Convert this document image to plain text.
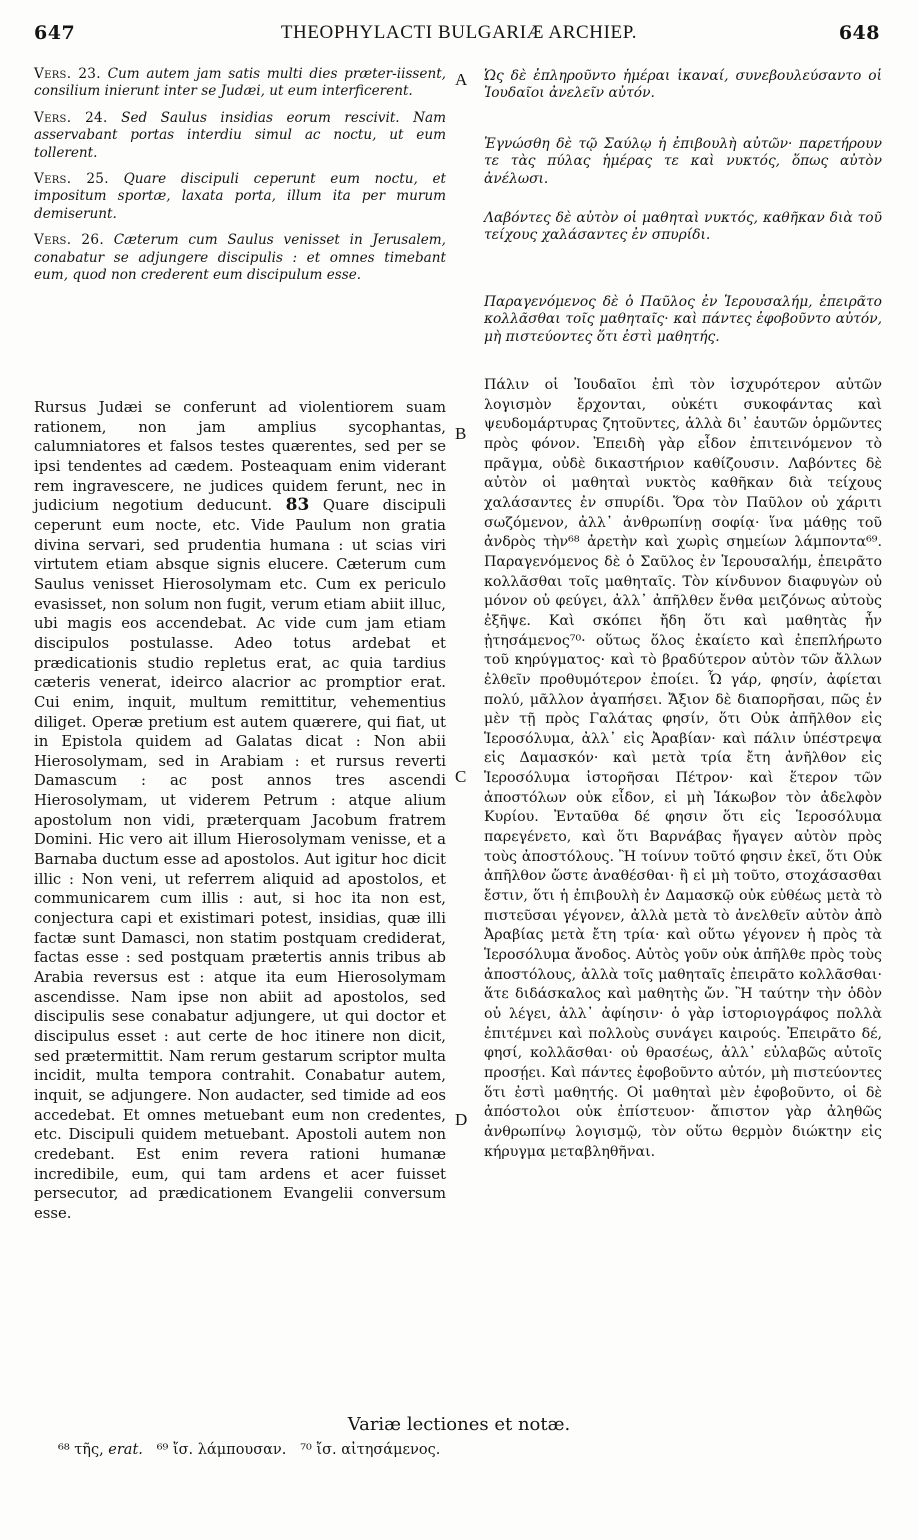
647	THEOPHYLACTI BULGARIÆ ARCHIEP.	648

Vers. 23. Cum autem jam satis multi dies præter-iissent, consilium inierunt inter se Judæi, ut eum interficerent.

Vers. 24. Sed Saulus insidias eorum rescivit. Nam asservabant portas interdiu simul ac noctu, ut eum tollerent.

Vers. 25. Quare discipuli ceperunt eum noctu, et impositum sportæ, laxata porta, illum ita per murum demiserunt.

Vers. 26. Cæterum cum Saulus venisset in Jerusalem, conabatur se adjungere discipulis : et omnes timebant eum, quod non crederent eum discipulum esse.

Rursus Judæi se conferunt ad violentiorem suam rationem, non jam amplius sycophantas, calumniatores et falsos testes quærentes, sed per se ipsi tendentes ad cædem. Posteaquam enim viderant rem ingravescere, ne judices quidem ferunt, nec in judicium negotium deducunt. 83 Quare discipuli ceperunt eum nocte, etc. Vide Paulum non gratia divina servari, sed prudentia humana : ut scias viri virtutem etiam absque signis elucere. Cæterum cum Saulus venisset Hierosolymam etc. Cum ex periculo evasisset, non solum non fugit, verum etiam abiit illuc, ubi magis eos accendebat. Ac vide cum jam etiam discipulos postulasse. Adeo totus ardebat et prædicationis studio repletus erat, ac quia tardius cæteris venerat, ideirco alacrior ac promptior erat. Cui enim, inquit, multum remittitur, vehementius diliget. Operæ pretium est autem quærere, qui fiat, ut in Epistola quidem ad Galatas dicat : Non abii Hierosolymam, sed in Arabiam : et rursus reverti Damascum : ac post annos tres ascendi Hierosolymam, ut viderem Petrum : atque alium apostolum non vidi, præterquam Jacobum fratrem Domini. Hic vero ait illum Hierosolymam venisse, et a Barnaba ductum esse ad apostolos. Aut igitur hoc dicit illic : Non veni, ut referrem aliquid ad apostolos, et communicarem cum illis : aut, si hoc ita non est, conjectura capi et existimari potest, insidias, quæ illi factæ sunt Damasci, non statim postquam crediderat, factas esse : sed postquam prætertis annis tribus ab Arabia reversus est : atque ita eum Hierosolymam ascendisse. Nam ipse non abiit ad apostolos, sed discipulis sese conabatur adjungere, ut qui doctor et discipulus esset : aut certe de hoc itinere non dicit, sed prætermittit. Nam rerum gestarum scriptor multa incidit, multa tempora contrahit. Conabatur autem, inquit, se adjungere. Non audacter, sed timide ad eos accedebat. Et omnes metuebant eum non credentes, etc. Discipuli quidem metuebant. Apostoli autem non credebant. Est enim revera rationi humanæ incredibile, eum, qui tam ardens et acer fuisset persecutor, ad prædicationem Evangelii conversum esse.

A
B
C
D

Ὡς δὲ ἐπληροῦντο ἡμέραι ἱκαναί, συνεβουλεύσαντο οἱ Ἰουδαῖοι ἀνελεῖν αὐτόν.

Ἐγνώσθη δὲ τῷ Σαύλῳ ἡ ἐπιβουλὴ αὐτῶν· παρετήρουν τε τὰς πύλας ἡμέρας τε καὶ νυκτός, ὅπως αὐτὸν ἀνέλωσι.

Λαβόντες δὲ αὐτὸν οἱ μαθηταὶ νυκτός, καθῆκαν διὰ τοῦ τείχους χαλάσαντες ἐν σπυρίδι.

Παραγενόμενος δὲ ὁ Παῦλος ἐν Ἱερουσαλήμ, ἐπειρᾶτο κολλᾶσθαι τοῖς μαθηταῖς· καὶ πάντες ἐφοβοῦντο αὐτόν, μὴ πιστεύοντες ὅτι ἐστὶ μαθητής.

Πάλιν οἱ Ἰουδαῖοι ἐπὶ τὸν ἰσχυρότερον αὐτῶν λογισμὸν ἔρχονται, οὐκέτι συκοφάντας καὶ ψευδομάρτυρας ζητοῦντες, ἀλλὰ δι᾿ ἑαυτῶν ὁρμῶντες πρὸς φόνον. Ἐπειδὴ γὰρ εἶδον ἐπιτεινόμενον τὸ πρᾶγμα, οὐδὲ δικαστήριον καθίζουσιν. Λαβόντες δὲ αὐτὸν οἱ μαθηταὶ νυκτὸς καθῆκαν διὰ τείχους χαλάσαντες ἐν σπυρίδι. Ὅρα τὸν Παῦλον οὐ χάριτι σωζόμενον, ἀλλ᾿ ἀνθρωπίνῃ σοφίᾳ· ἵνα μάθῃς τοῦ ἀνδρὸς τὴν⁶⁸ ἀρετὴν καὶ χωρὶς σημείων λάμποντα⁶⁹. Παραγενόμενος δὲ ὁ Σαῦλος ἐν Ἱερουσαλήμ, ἐπειρᾶτο κολλᾶσθαι τοῖς μαθηταῖς. Τὸν κίνδυνον διαφυγὼν οὐ μόνον οὐ φεύγει, ἀλλ᾿ ἀπῆλθεν ἔνθα μειζόνως αὐτοὺς ἐξῆψε. Καὶ σκόπει ἤδη ὅτι καὶ μαθητὰς ἦν ᾐτησάμενος⁷⁰· οὕτως ὅλος ἐκαίετο καὶ ἐπεπλήρωτο τοῦ κηρύγματος· καὶ τὸ βραδύτερον αὐτὸν τῶν ἄλλων ἐλθεῖν προθυμότερον ἐποίει. Ὧ γάρ, φησίν, ἀφίεται πολύ, μᾶλλον ἀγαπήσει. Ἄξιον δὲ διαπορῆσαι, πῶς ἐν μὲν τῇ πρὸς Γαλάτας φησίν, ὅτι Οὐκ ἀπῆλθον εἰς Ἱεροσόλυμα, ἀλλ᾿ εἰς Ἀραβίαν· καὶ πάλιν ὑπέστρεψα εἰς Δαμασκόν· καὶ μετὰ τρία ἔτη ἀνῆλθον εἰς Ἱεροσόλυμα ἱστορῆσαι Πέτρον· καὶ ἕτερον τῶν ἀποστόλων οὐκ εἶδον, εἰ μὴ Ἰάκωβον τὸν ἀδελφὸν Κυρίου. Ἐνταῦθα δέ φησιν ὅτι εἰς Ἱεροσόλυμα παρεγένετο, καὶ ὅτι Βαρνάβας ἤγαγεν αὐτὸν πρὸς τοὺς ἀποστόλους. Ἢ τοίνυν τοῦτό φησιν ἐκεῖ, ὅτι Οὐκ ἀπῆλθον ὥστε ἀναθέσθαι· ἢ εἰ μὴ τοῦτο, στοχάσασθαι ἔστιν, ὅτι ἡ ἐπιβουλὴ ἐν Δαμασκῷ οὐκ εὐθέως μετὰ τὸ πιστεῦσαι γέγονεν, ἀλλὰ μετὰ τὸ ἀνελθεῖν αὐτὸν ἀπὸ Ἀραβίας μετὰ ἔτη τρία· καὶ οὕτω γέγονεν ἡ πρὸς τὰ Ἱεροσόλυμα ἄνοδος. Αὐτὸς γοῦν οὐκ ἀπῆλθε πρὸς τοὺς ἀποστόλους, ἀλλὰ τοῖς μαθηταῖς ἐπειρᾶτο κολλᾶσθαι· ἅτε διδάσκαλος καὶ μαθητὴς ὤν. Ἢ ταύτην τὴν ὁδὸν οὐ λέγει, ἀλλ᾿ ἀφίησιν· ὁ γὰρ ἱστοριογράφος πολλὰ ἐπιτέμνει καὶ πολλοὺς συνάγει καιρούς. Ἐπειρᾶτο δέ, φησί, κολλᾶσθαι· οὐ θρασέως, ἀλλ᾿ εὐλαβῶς αὐτοῖς προσῄει. Καὶ πάντες ἐφοβοῦντο αὐτόν, μὴ πιστεύοντες ὅτι ἐστὶ μαθητής. Οἱ μαθηταὶ μὲν ἐφοβοῦντο, οἱ δὲ ἀπόστολοι οὐκ ἐπίστευον· ἄπιστον γὰρ ἀληθῶς ἀνθρωπίνῳ λογισμῷ, τὸν οὕτω θερμὸν διώκτην εἰς κήρυγμα μεταβληθῆναι.

Variæ lectiones et notæ.
⁶⁸ τῆς, erat. ⁶⁹ ἴσ. λάμπουσαν. ⁷⁰ ἴσ. αἰτησάμενος.
